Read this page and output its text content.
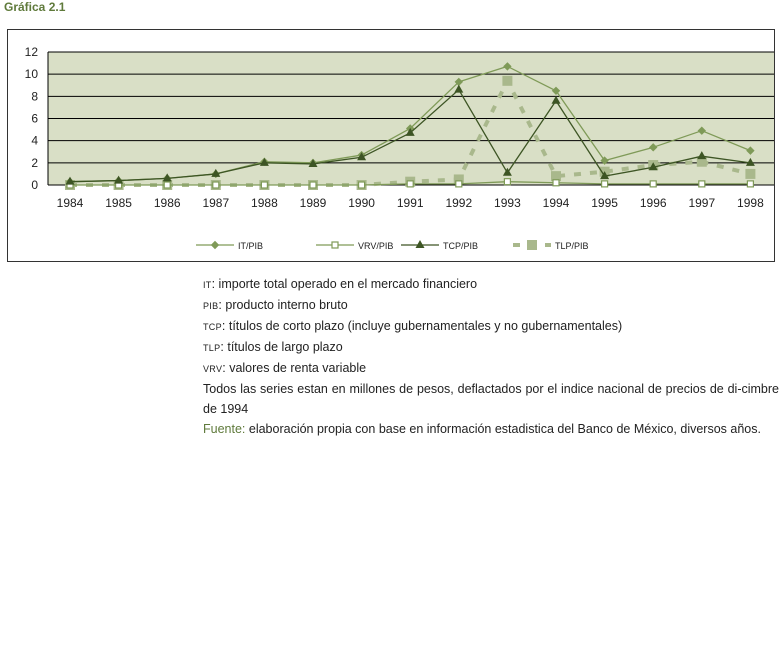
Gráfica 2.1
0
2
4
6
8
10
12
1984 1985 1986 1987 1988 1989 1990 1991 1992 1993 1994 1995 1996 1997 1998
IT/PIB	VRV/PIB	TCP/PIB	TLP/PIB

IT: importe total operado en el mercado financiero

PIB: producto interno bruto

TCP: títulos de corto plazo (incluye gubernamentales y no gubernamentales)

TLP: títulos de largo plazo

VRV: valores de renta variable

Todos las series estan en millones de pesos, deflactados por el indice nacional de precios de di-cimbre de 1994

Fuente: elaboración propia con base en información estadistica del Banco de México, diversos años.
